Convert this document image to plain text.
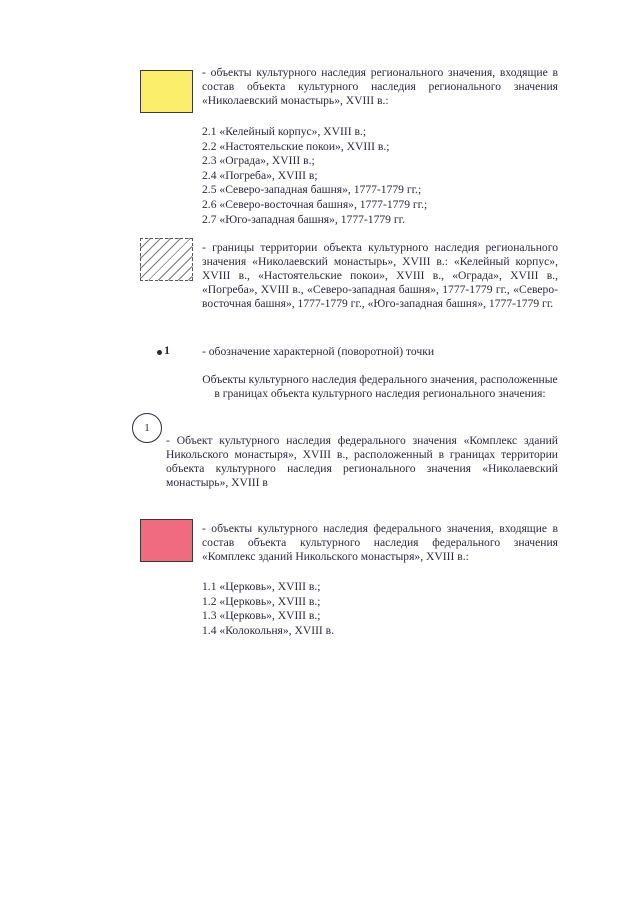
- объекты культурного наследия регионального значения, входящие в состав объекта культурного наследия регионального значения «Николаевский монастырь», XVIII в.:
2.1 «Келейный корпус», XVIII в.;
2.2 «Настоятельские покои», XVIII в.;
2.3 «Ограда», XVIII в.;
2.4 «Погреба», XVIII в;
2.5 «Северо-западная башня», 1777-1779 гг.;
2.6 «Северо-восточная башня», 1777-1779 гг.;
2.7 «Юго-западная башня», 1777-1779 гг.
- границы территории объекта культурного наследия регионального значения «Николаевский монастырь», XVIII в.: «Келейный корпус», XVIII в., «Настоятельские покои», XVIII в., «Ограда», XVIII в., «Погреба», XVIII в., «Северо-западная башня», 1777-1779 гг., «Северо-восточная башня», 1777-1779 гг., «Юго-западная башня», 1777-1779 гг.
1	- обозначение характерной (поворотной) точки
Объекты культурного наследия федерального значения, расположенные в границах объекта культурного наследия регионального значения:
1
- Объект культурного наследия федерального значения «Комплекс зданий Никольского монастыря», XVIII в., расположенный в границах территории объекта культурного наследия регионального значения «Николаевский монастырь», XVIII в
- объекты культурного наследия федерального значения, входящие в состав объекта культурного наследия федерального значения «Комплекс зданий Никольского монастыря», XVIII в.:
1.1 «Церковь», XVIII в.;
1.2 «Церковь», XVIII в.;
1.3 «Церковь», XVIII в.;
1.4 «Колокольня», XVIII в.
